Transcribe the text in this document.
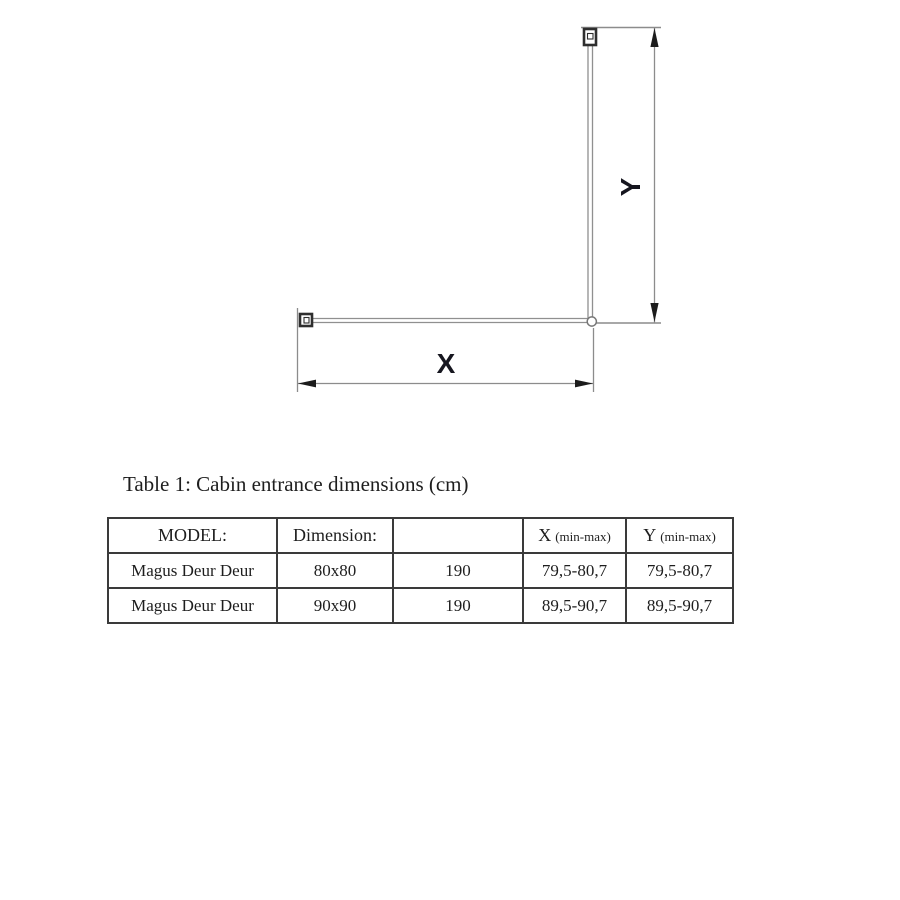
X
Y
Table 1: Cabin entrance dimensions (cm)
MODEL:	Dimension:		X (min-max)	Y (min-max)
Magus Deur Deur	80x80	190	79,5-80,7	79,5-80,7
Magus Deur Deur	90x90	190	89,5-90,7	89,5-90,7
